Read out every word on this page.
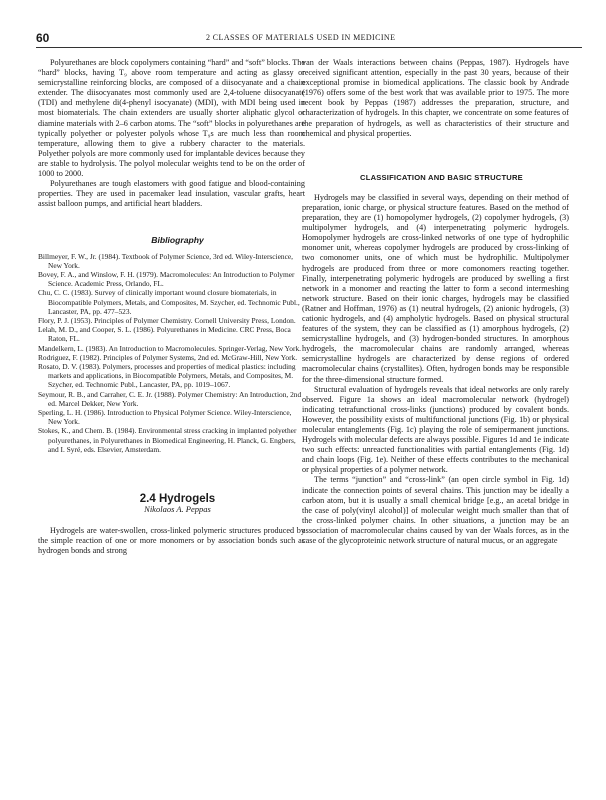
60	2 CLASSES OF MATERIALS USED IN MEDICINE

Polyurethanes are block copolymers containing “hard” and “soft” blocks. The “hard” blocks, having T₉ above room temperature and acting as glassy or semicrystalline reinforcing blocks, are composed of a diisocyanate and a chain extender. The diisocyanates most commonly used are 2,4-toluene diisocyanate (TDI) and methylene di(4-phenyl isocyanate) (MDI), with MDI being used in most biomaterials. The chain extenders are usually shorter aliphatic glycol or diamine materials with 2–6 carbon atoms. The “soft” blocks in polyurethanes are typically polyether or polyester polyols whose T₉s are much less than room temperature, allowing them to give a rubbery character to the materials. Polyether polyols are more commonly used for implantable devices because they are stable to hydrolysis. The polyol molecular weights tend to be on the order of 1000 to 2000.

Polyurethanes are tough elastomers with good fatigue and blood-containing properties. They are used in pacemaker lead insulation, vascular grafts, heart assist balloon pumps, and artificial heart bladders.

Bibliography

Billmeyer, F. W., Jr. (1984). Textbook of Polymer Science, 3rd ed. Wiley-Interscience, New York.
Bovey, F. A., and Winslow, F. H. (1979). Macromolecules: An Introduction to Polymer Science. Academic Press, Orlando, FL.
Chu, C. C. (1983). Survey of clinically important wound closure biomaterials, in Biocompatible Polymers, Metals, and Composites, M. Szycher, ed. Technomic Publ., Lancaster, PA, pp. 477–523.
Flory, P. J. (1953). Principles of Polymer Chemistry. Cornell University Press, London.
Lelah, M. D., and Cooper, S. L. (1986). Polyurethanes in Medicine. CRC Press, Boca Raton, FL.
Mandelkern, L. (1983). An Introduction to Macromolecules. Springer-Verlag, New York.
Rodriguez, F. (1982). Principles of Polymer Systems, 2nd ed. McGraw-Hill, New York.
Rosato, D. V. (1983). Polymers, processes and properties of medical plastics: including markets and applications, in Biocompatible Polymers, Metals, and Composites, M. Szycher, ed. Technomic Publ., Lancaster, PA, pp. 1019–1067.
Seymour, R. B., and Carraher, C. E. Jr. (1988). Polymer Chemistry: An Introduction, 2nd ed. Marcel Dekker, New York.
Sperling, L. H. (1986). Introduction to Physical Polymer Science. Wiley-Interscience, New York.
Stokes, K., and Chem. B. (1984). Environmental stress cracking in implanted polyether polyurethanes, in Polyurethanes in Biomedical Engineering, H. Planck, G. Engbers, and I. Syré, eds. Elsevier, Amsterdam.

2.4 Hydrogels

Nikolaos A. Peppas

Hydrogels are water-swollen, cross-linked polymeric structures produced by the simple reaction of one or more monomers or by association bonds such as hydrogen bonds and strong

van der Waals interactions between chains (Peppas, 1987). Hydrogels have received significant attention, especially in the past 30 years, because of their exceptional promise in biomedical applications. The classic book by Andrade (1976) offers some of the best work that was available prior to 1975. The more recent book by Peppas (1987) addresses the preparation, structure, and characterization of hydrogels. In this chapter, we concentrate on some features of the preparation of hydrogels, as well as characteristics of their structure and chemical and physical properties.

CLASSIFICATION AND BASIC STRUCTURE

Hydrogels may be classified in several ways, depending on their method of preparation, ionic charge, or physical structure features. Based on the method of preparation, they are (1) homopolymer hydrogels, (2) copolymer hydrogels, (3) multipolymer hydrogels, and (4) interpenetrating polymeric hydrogels. Homopolymer hydrogels are cross-linked networks of one type of hydrophilic monomer unit, whereas copolymer hydrogels are produced by cross-linking of two comonomer units, one of which must be hydrophilic. Multipolymer hydrogels are produced from three or more comonomers reacting together. Finally, interpenetrating polymeric hydrogels are produced by swelling a first network in a monomer and reacting the latter to form a second intermeshing network structure. Based on their ionic charges, hydrogels may be classified (Ratner and Hoffman, 1976) as (1) neutral hydrogels, (2) anionic hydrogels, (3) cationic hydrogels, and (4) ampholytic hydrogels. Based on physical structural features of the system, they can be classified as (1) amorphous hydrogels, (2) semicrystalline hydrogels, and (3) hydrogen-bonded structures. In amorphous hydrogels, the macromolecular chains are randomly arranged, whereas semicrystalline hydrogels are characterized by dense regions of ordered macromolecular chains (crystallites). Often, hydrogen bonds may be responsible for the three-dimensional structure formed.

Structural evaluation of hydrogels reveals that ideal networks are only rarely observed. Figure 1a shows an ideal macromolecular network (hydrogel) indicating tetrafunctional cross-links (junctions) produced by covalent bonds. However, the possibility exists of multifunctional junctions (Fig. 1b) or physical molecular entanglements (Fig. 1c) playing the role of semipermanent junctions. Hydrogels with molecular defects are always possible. Figures 1d and 1e indicate two such effects: unreacted functionalities with partial entanglements (Fig. 1d) and chain loops (Fig. 1e). Neither of these effects contributes to the mechanical or physical properties of a polymer network.

The terms “junction” and “cross-link” (an open circle symbol in Fig. 1d) indicate the connection points of several chains. This junction may be ideally a carbon atom, but it is usually a small chemical bridge [e.g., an acetal bridge in the case of poly(vinyl alcohol)] of molecular weight much smaller than that of the cross-linked polymer chains. In other situations, a junction may be an association of macromolecular chains caused by van der Waals forces, as in the case of the glycoproteinic network structure of natural mucus, or an aggregate
